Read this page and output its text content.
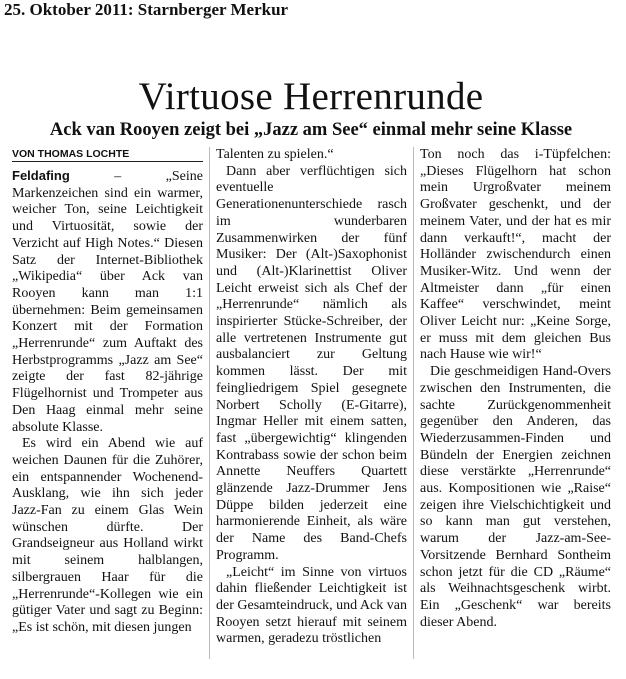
25. Oktober 2011: Starnberger Merkur
Virtuose Herrenrunde
Ack van Rooyen zeigt bei „Jazz am See“ einmal mehr seine Klasse
VON THOMAS LOCHTE

Feldafing – „Seine Markenzeichen sind ein warmer, weicher Ton, seine Leichtigkeit und Virtuosität, sowie der Verzicht auf High Notes.“ Diesen Satz der Internet-Bibliothek „Wikipedia“ über Ack van Rooyen kann man 1:1 übernehmen: Beim gemeinsamen Konzert mit der Formation „Herrenrunde“ zum Auftakt des Herbstprogramms „Jazz am See“ zeigte der fast 82-jährige Flügelhornist und Trompeter aus Den Haag einmal mehr seine absolute Klasse.

Es wird ein Abend wie auf weichen Daunen für die Zuhörer, ein entspannender Wochenend-Ausklang, wie ihn sich jeder Jazz-Fan zu einem Glas Wein wünschen dürfte. Der Grandseigneur aus Holland wirkt mit seinem halblangen, silbergrauen Haar für die „Herrenrunde“-Kollegen wie ein gütiger Vater und sagt zu Beginn: „Es ist schön, mit diesen jungen

Talenten zu spielen.“

Dann aber verflüchtigen sich eventuelle Generationenunterschiede rasch im wunderbaren Zusammenwirken der fünf Musiker: Der (Alt-)Saxophonist und (Alt-)Klarinettist Oliver Leicht erweist sich als Chef der „Herrenrunde“ nämlich als inspirierter Stücke-Schreiber, der alle vertretenen Instrumente gut ausbalanciert zur Geltung kommen lässt. Der mit feingliedrigem Spiel gesegnete Norbert Scholly (E-Gitarre), Ingmar Heller mit einem satten, fast „übergewichtig“ klingenden Kontrabass sowie der schon beim Annette Neuffers Quartett glänzende Jazz-Drummer Jens Düppe bilden jederzeit eine harmonierende Einheit, als wäre der Name des Band-Chefs Programm.

„Leicht“ im Sinne von virtuos dahin fließender Leichtigkeit ist der Gesamteindruck, und Ack van Rooyen setzt hierauf mit seinem warmen, geradezu tröstlichen

Ton noch das i-Tüpfelchen: „Dieses Flügelhorn hat schon mein Urgroßvater meinem Großvater geschenkt, und der meinem Vater, und der hat es mir dann verkauft!“, macht der Holländer zwischendurch einen Musiker-Witz. Und wenn der Altmeister dann „für einen Kaffee“ verschwindet, meint Oliver Leicht nur: „Keine Sorge, er muss mit dem gleichen Bus nach Hause wie wir!“

Die geschmeidigen Hand-Overs zwischen den Instrumenten, die sachte Zurückgenommenheit gegenüber den Anderen, das Wiederzusammen-Finden und Bündeln der Energien zeichnen diese verstärkte „Herrenrunde“ aus. Kompositionen wie „Raise“ zeigen ihre Vielschichtigkeit und so kann man gut verstehen, warum der Jazz-am-See-Vorsitzende Bernhard Sontheim schon jetzt für die CD „Räume“ als Weihnachtsgeschenk wirbt. Ein „Geschenk“ war bereits dieser Abend.
